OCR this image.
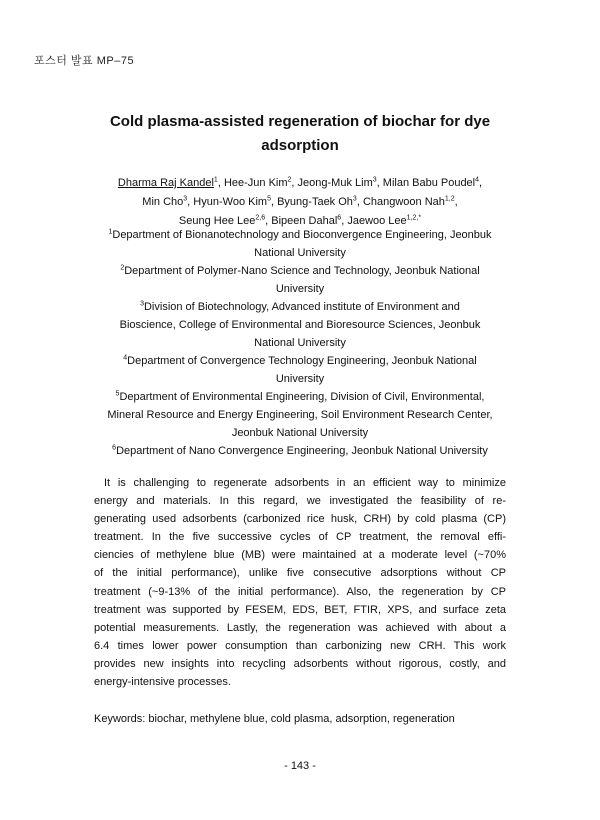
포스터 발표 MP–75
Cold plasma-assisted regeneration of biochar for dye
adsorption
Dharma Raj Kandel$^1$, Hee-Jun Kim$^2$, Jeong-Muk Lim$^3$, Milan Babu Poudel$^4$,
Min Cho$^3$, Hyun-Woo Kim$^5$, Byung-Taek Oh$^3$, Changwoon Nah$^{1,2}$,
Seung Hee Lee$^{2,6}$, Bipeen Dahal$^6$, Jaewoo Lee$^{1,2,*}$
$^1$Department of Bionanotechnology and Bioconvergence Engineering, Jeonbuk
National University
$^2$Department of Polymer-Nano Science and Technology, Jeonbuk National
University
$^3$Division of Biotechnology, Advanced institute of Environment and
Bioscience, College of Environmental and Bioresource Sciences, Jeonbuk
National University
$^4$Department of Convergence Technology Engineering, Jeonbuk National
University
$^5$Department of Environmental Engineering, Division of Civil, Environmental,
Mineral Resource and Energy Engineering, Soil Environment Research Center,
Jeonbuk National University
$^6$Department of Nano Convergence Engineering, Jeonbuk National University
It is challenging to regenerate adsorbents in an efficient way to minimize
energy and materials. In this regard, we investigated the feasibility of re-
generating used adsorbents (carbonized rice husk, CRH) by cold plasma (CP)
treatment. In the five successive cycles of CP treatment, the removal effi-
ciencies of methylene blue (MB) were maintained at a moderate level (~70%
of the initial performance), unlike five consecutive adsorptions without CP
treatment (~9-13% of the initial performance). Also, the regeneration by CP
treatment was supported by FESEM, EDS, BET, FTIR, XPS, and surface zeta
potential measurements. Lastly, the regeneration was achieved with about a
6.4 times lower power consumption than carbonizing new CRH. This work
provides new insights into recycling adsorbents without rigorous, costly, and
energy-intensive processes.
Keywords: biochar, methylene blue, cold plasma, adsorption, regeneration
- 143 -
